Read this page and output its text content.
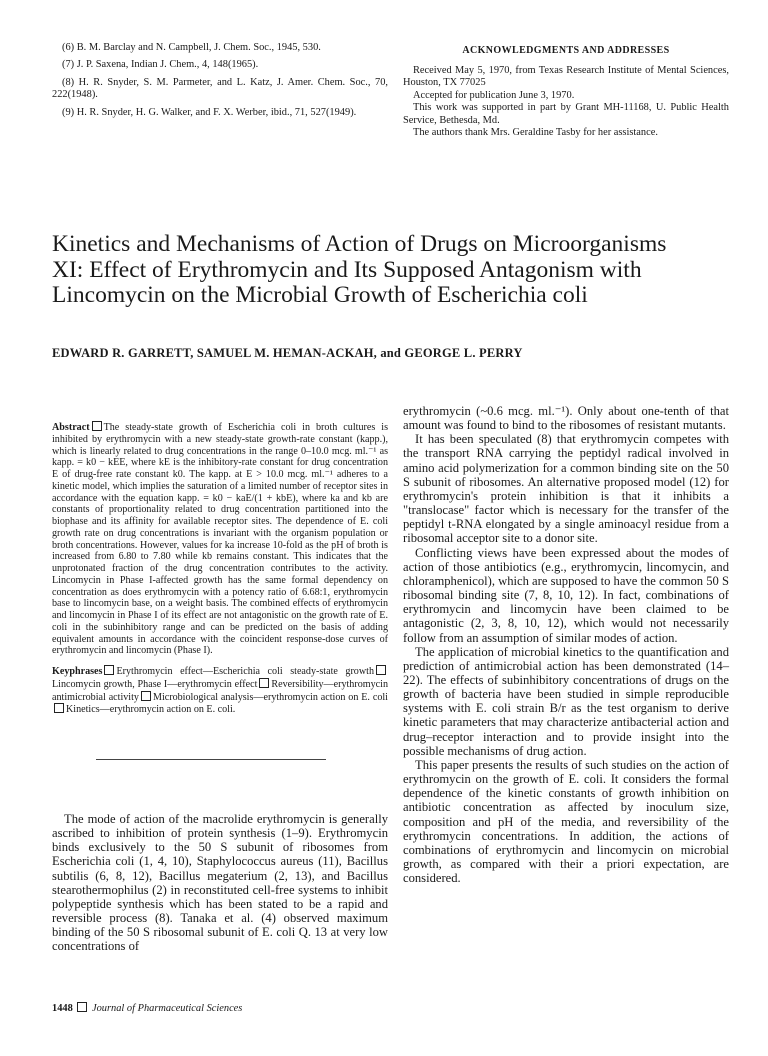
(6) B. M. Barclay and N. Campbell, J. Chem. Soc., 1945, 530.

(7) J. P. Saxena, Indian J. Chem., 4, 148(1965).

(8) H. R. Snyder, S. M. Parmeter, and L. Katz, J. Amer. Chem. Soc., 70, 222(1948).

(9) H. R. Snyder, H. G. Walker, and F. X. Werber, ibid., 71, 527(1949).

ACKNOWLEDGMENTS AND ADDRESSES

Received May 5, 1970, from Texas Research Institute of Mental Sciences, Houston, TX 77025

Accepted for publication June 3, 1970.

This work was supported in part by Grant MH-11168, U. Public Health Service, Bethesda, Md.

The authors thank Mrs. Geraldine Tasby for her assistance.

Kinetics and Mechanisms of Action of Drugs on Microorganisms XI: Effect of Erythromycin and Its Supposed Antagonism with Lincomycin on the Microbial Growth of Escherichia coli
EDWARD R. GARRETT, SAMUEL M. HEMAN-ACKAH, and GEORGE L. PERRY

Abstract The steady-state growth of Escherichia coli in broth cultures is inhibited by erythromycin with a new steady-state growth-rate constant (kapp.), which is linearly related to drug concentrations in the range 0–10.0 mcg. ml.⁻¹ as kapp. = k0 − kEE, where kE is the inhibitory-rate constant for drug concentration E of drug-free rate constant k0. The kapp. at E > 10.0 mcg. ml.⁻¹ adheres to a kinetic model, which implies the saturation of a limited number of receptor sites in accordance with the equation kapp. = k0 − kaE/(1 + kbE), where ka and kb are constants of proportionality related to drug concentration partitioned into the biophase and its affinity for available receptor sites. The dependence of E. coli growth rate on drug concentrations is invariant with the organism population or broth concentrations. However, values for ka increase 10-fold as the pH of broth is increased from 6.80 to 7.80 while kb remains constant. This indicates that the unprotonated fraction of the drug concentration contributes to the activity. Lincomycin in Phase I-affected growth has the same formal dependency on concentration as does erythromycin with a potency ratio of 6.68:1, erythromycin base to lincomycin base, on a weight basis. The combined effects of erythromycin and lincomycin in Phase I of its effect are not antagonistic on the growth rate of E. coli in the subinhibitory range and can be predicted on the basis of adding equivalent amounts in accordance with the coincident response-dose curves of erythromycin and lincomycin (Phase I).

Keyphrases Erythromycin effect—Escherichia coli steady-state growthLincomycin growth, Phase I—erythromycin effect Reversibility—erythromycin antimicrobial activity Microbiological analysis—erythromycin action on E. coliKinetics—erythromycin action on E. coli.

The mode of action of the macrolide erythromycin is generally ascribed to inhibition of protein synthesis (1–9). Erythromycin binds exclusively to the 50 S subunit of ribosomes from Escherichia coli (1, 4, 10), Staphylococcus aureus (11), Bacillus subtilis (6, 8, 12), Bacillus megaterium (2, 13), and Bacillus stearothermophilus (2) in reconstituted cell-free systems to inhibit polypeptide synthesis which has been stated to be a rapid and reversible process (8). Tanaka et al. (4) observed maximum binding of the 50 S ribosomal subunit of E. coli Q. 13 at very low concentrations of

erythromycin (~0.6 mcg. ml.⁻¹). Only about one-tenth of that amount was found to bind to the ribosomes of resistant mutants.

It has been speculated (8) that erythromycin competes with the transport RNA carrying the peptidyl radical involved in amino acid polymerization for a common binding site on the 50 S subunit of ribosomes. An alternative proposed model (12) for erythromycin's protein inhibition is that it inhibits a "translocase" factor which is necessary for the transfer of the peptidyl t-RNA elongated by a single aminoacyl residue from a ribosomal acceptor site to a donor site.

Conflicting views have been expressed about the modes of action of those antibiotics (e.g., erythromycin, lincomycin, and chloramphenicol), which are supposed to have the common 50 S ribosomal binding site (7, 8, 10, 12). In fact, combinations of erythromycin and lincomycin have been claimed to be antagonistic (2, 3, 8, 10, 12), which would not necessarily follow from an assumption of similar modes of action.

The application of microbial kinetics to the quantification and prediction of antimicrobial action has been demonstrated (14–22). The effects of subinhibitory concentrations of drugs on the growth of bacteria have been studied in simple reproducible systems with E. coli strain B/r as the test organism to derive kinetic parameters that may characterize antibacterial action and drug–receptor interaction and to provide insight into the possible mechanisms of drug action.

This paper presents the results of such studies on the action of erythromycin on the growth of E. coli. It considers the formal dependence of the kinetic constants of growth inhibition on antibiotic concentration as affected by inoculum size, composition and pH of the media, and reversibility of the erythromycin concentrations. In addition, the actions of combinations of erythromycin and lincomycin on microbial growth, as compared with their a priori expectation, are considered.

1448 Journal of Pharmaceutical Sciences
